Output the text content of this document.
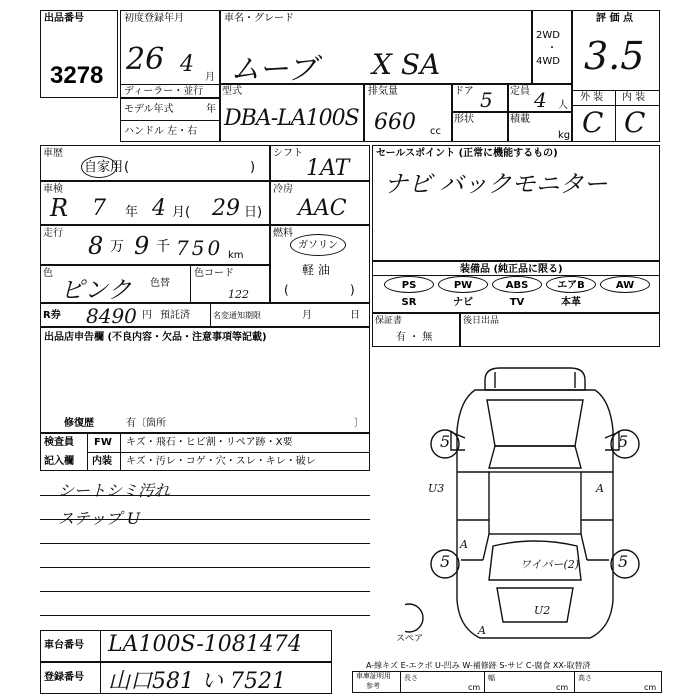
出品番号
3278
初度登録年月
26 4
月
ディーラー・並行
モデル年式	年
ハンドル 左・右
車名・グレード
ムーブ X SA
2WD
・
4WD
型式
DBA-LA100S
排気量
660 cc
ドア 5 定員 4 人
形状	積載
kg
評 価 点
3.5
外 装 内 装
C C
車歴
自家用 (	)
車検
R 7 年 4 月( 29 日)
走行 8 万 9 千 750 km
色
ピンク 色替
色コード
122
シフト
1AT
冷房
AAC
燃料
ガソリン
軽 油
(	)
R券 8490 円 預託済	名変通知期限	月	日
セールスポイント (正常に機能するもの)
ナビ バックモニター
装備品 (純正品に限る)
PS	PW	ABS	エアB	AW
SR	ナビ	TV	本革
保証書
有 ・ 無
後日出品
出品店申告欄 (不良内容・欠品・注意事項等記載)
修復歴	有〔箇所	〕
検査員
記入欄
FW キズ・飛石・ヒビ割・リペア跡・X要
内装 キズ・汚レ・コゲ・穴・スレ・キレ・破レ
シートシミ汚れ
ステップ U
5	5
5	5
U3	A
A
ワイパー(2)
U2
A
スペア
A-線キズ E-エクボ U-凹み W-補修跡 S-サビ C-腐食 XX-取替済
車庫証明用
参考
長さ
cm
幅
cm
高さ
cm
車台番号 LA100S-1081474
登録番号 山口581 い 7521
